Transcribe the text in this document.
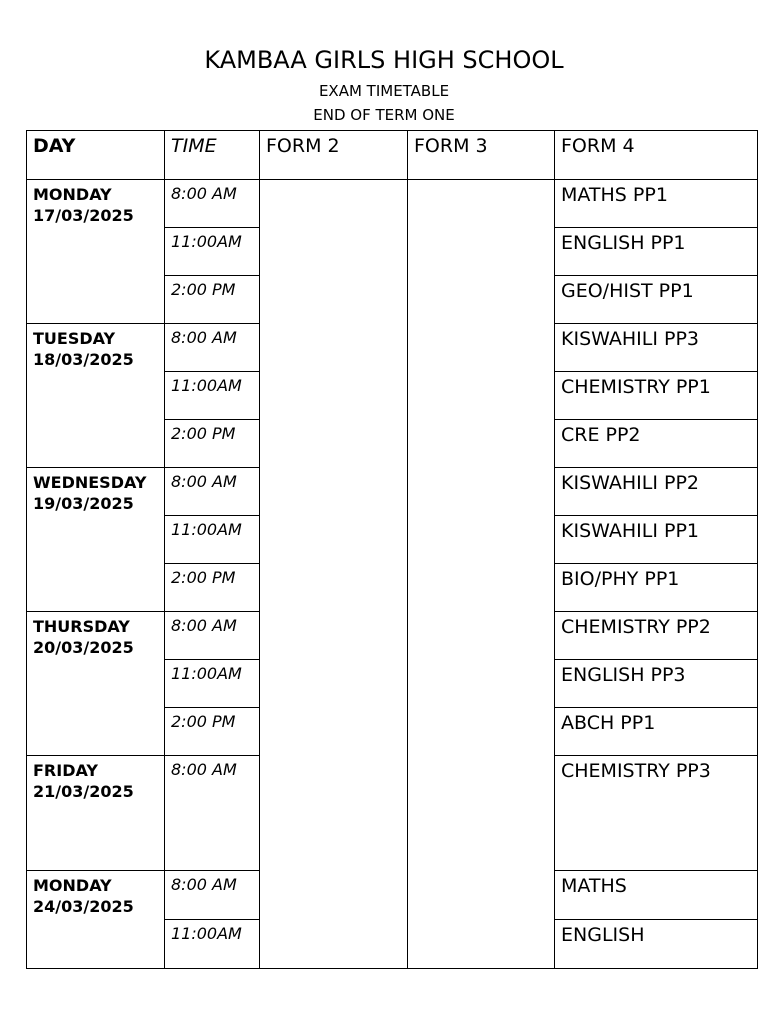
KAMBAA GIRLS HIGH SCHOOL
EXAM TIMETABLE
END OF TERM ONE
DAY	TIME	FORM 2	FORM 3	FORM 4	
MONDAY
17/03/2025	8:00 AM			MATHS PP1	
	11:00AM			ENGLISH PP1	
	2:00 PM			GEO/HIST PP1	
TUESDAY
18/03/2025	8:00 AM			KISWAHILI PP3	
	11:00AM			CHEMISTRY PP1	
	2:00 PM			CRE PP2	
WEDNESDAY
19/03/2025	8:00 AM			KISWAHILI PP2	
	11:00AM			KISWAHILI PP1	
	2:00 PM			BIO/PHY PP1	
THURSDAY
20/03/2025	8:00 AM			CHEMISTRY PP2	
	11:00AM			ENGLISH PP3	
	2:00 PM			ABCH PP1	
FRIDAY
21/03/2025	8:00 AM			CHEMISTRY PP3	
MONDAY
24/03/2025	8:00 AM			MATHS		
	11:00AM			ENGLISH		
